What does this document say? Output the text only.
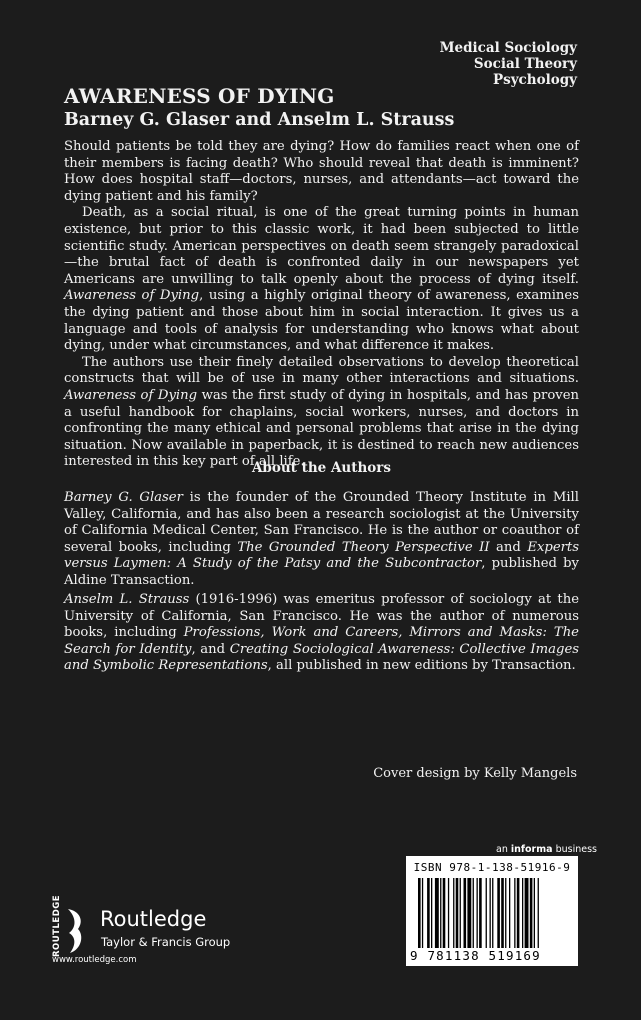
Medical Sociology
Social Theory
Psychology
AWARENESS OF DYING
Barney G. Glaser and Anselm L. Strauss

Should patients be told they are dying? How do families react when one of their members is facing death? Who should reveal that death is imminent? How does hospital staff—doctors, nurses, and attendants—act toward the dying patient and his family?

Death, as a social ritual, is one of the great turning points in human existence, but prior to this classic work, it had been subjected to little scientific study. American perspectives on death seem strangely paradoxical—the brutal fact of death is confronted daily in our newspapers yet Americans are unwilling to talk openly about the process of dying itself. Awareness of Dying, using a highly original theory of awareness, examines the dying patient and those about him in social interaction. It gives us a language and tools of analysis for understanding who knows what about dying, under what circumstances, and what difference it makes.

The authors use their finely detailed observations to develop theoretical constructs that will be of use in many other interactions and situations. Awareness of Dying was the first study of dying in hospitals, and has proven a useful handbook for chaplains, social workers, nurses, and doctors in confronting the many ethical and personal problems that arise in the dying situation. Now available in paperback, it is destined to reach new audiences interested in this key part of all life.

About the Authors

Barney G. Glaser is the founder of the Grounded Theory Institute in Mill Valley, California, and has also been a research sociologist at the University of California Medical Center, San Francisco. He is the author or coauthor of several books, including The Grounded Theory Perspective II and Experts versus Laymen: A Study of the Patsy and the Subcontractor, published by Aldine Transaction.

Anselm L. Strauss (1916-1996) was emeritus professor of sociology at the University of California, San Francisco. He was the author of numerous books, including Professions, Work and Careers, Mirrors and Masks: The Search for Identity, and Creating Sociological Awareness: Collective Images and Symbolic Representations, all published in new editions by Transaction.

Cover design by Kelly Mangels
ROUTLEDGE Routledge
Taylor & Francis Group
www.routledge.com
an informa business
ISBN 978-1-138-51916-9
9 781138 519169
